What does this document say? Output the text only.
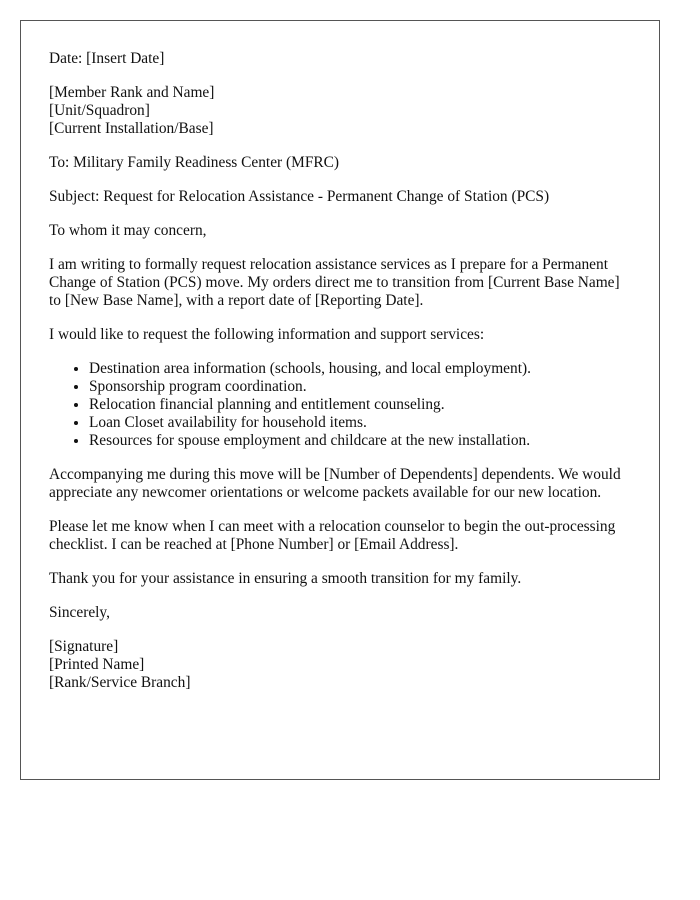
Date: [Insert Date]

[Member Rank and Name]
[Unit/Squadron]
[Current Installation/Base]

To: Military Family Readiness Center (MFRC)

Subject: Request for Relocation Assistance - Permanent Change of Station (PCS)

To whom it may concern,

I am writing to formally request relocation assistance services as I prepare for a Permanent Change of Station (PCS) move. My orders direct me to transition from [Current Base Name] to [New Base Name], with a report date of [Reporting Date].

I would like to request the following information and support services:

• Destination area information (schools, housing, and local employment).
• Sponsorship program coordination.
• Relocation financial planning and entitlement counseling.
• Loan Closet availability for household items.
• Resources for spouse employment and childcare at the new installation.

Accompanying me during this move will be [Number of Dependents] dependents. We would appreciate any newcomer orientations or welcome packets available for our new location.

Please let me know when I can meet with a relocation counselor to begin the out-processing checklist. I can be reached at [Phone Number] or [Email Address].

Thank you for your assistance in ensuring a smooth transition for my family.

Sincerely,

[Signature]
[Printed Name]
[Rank/Service Branch]
